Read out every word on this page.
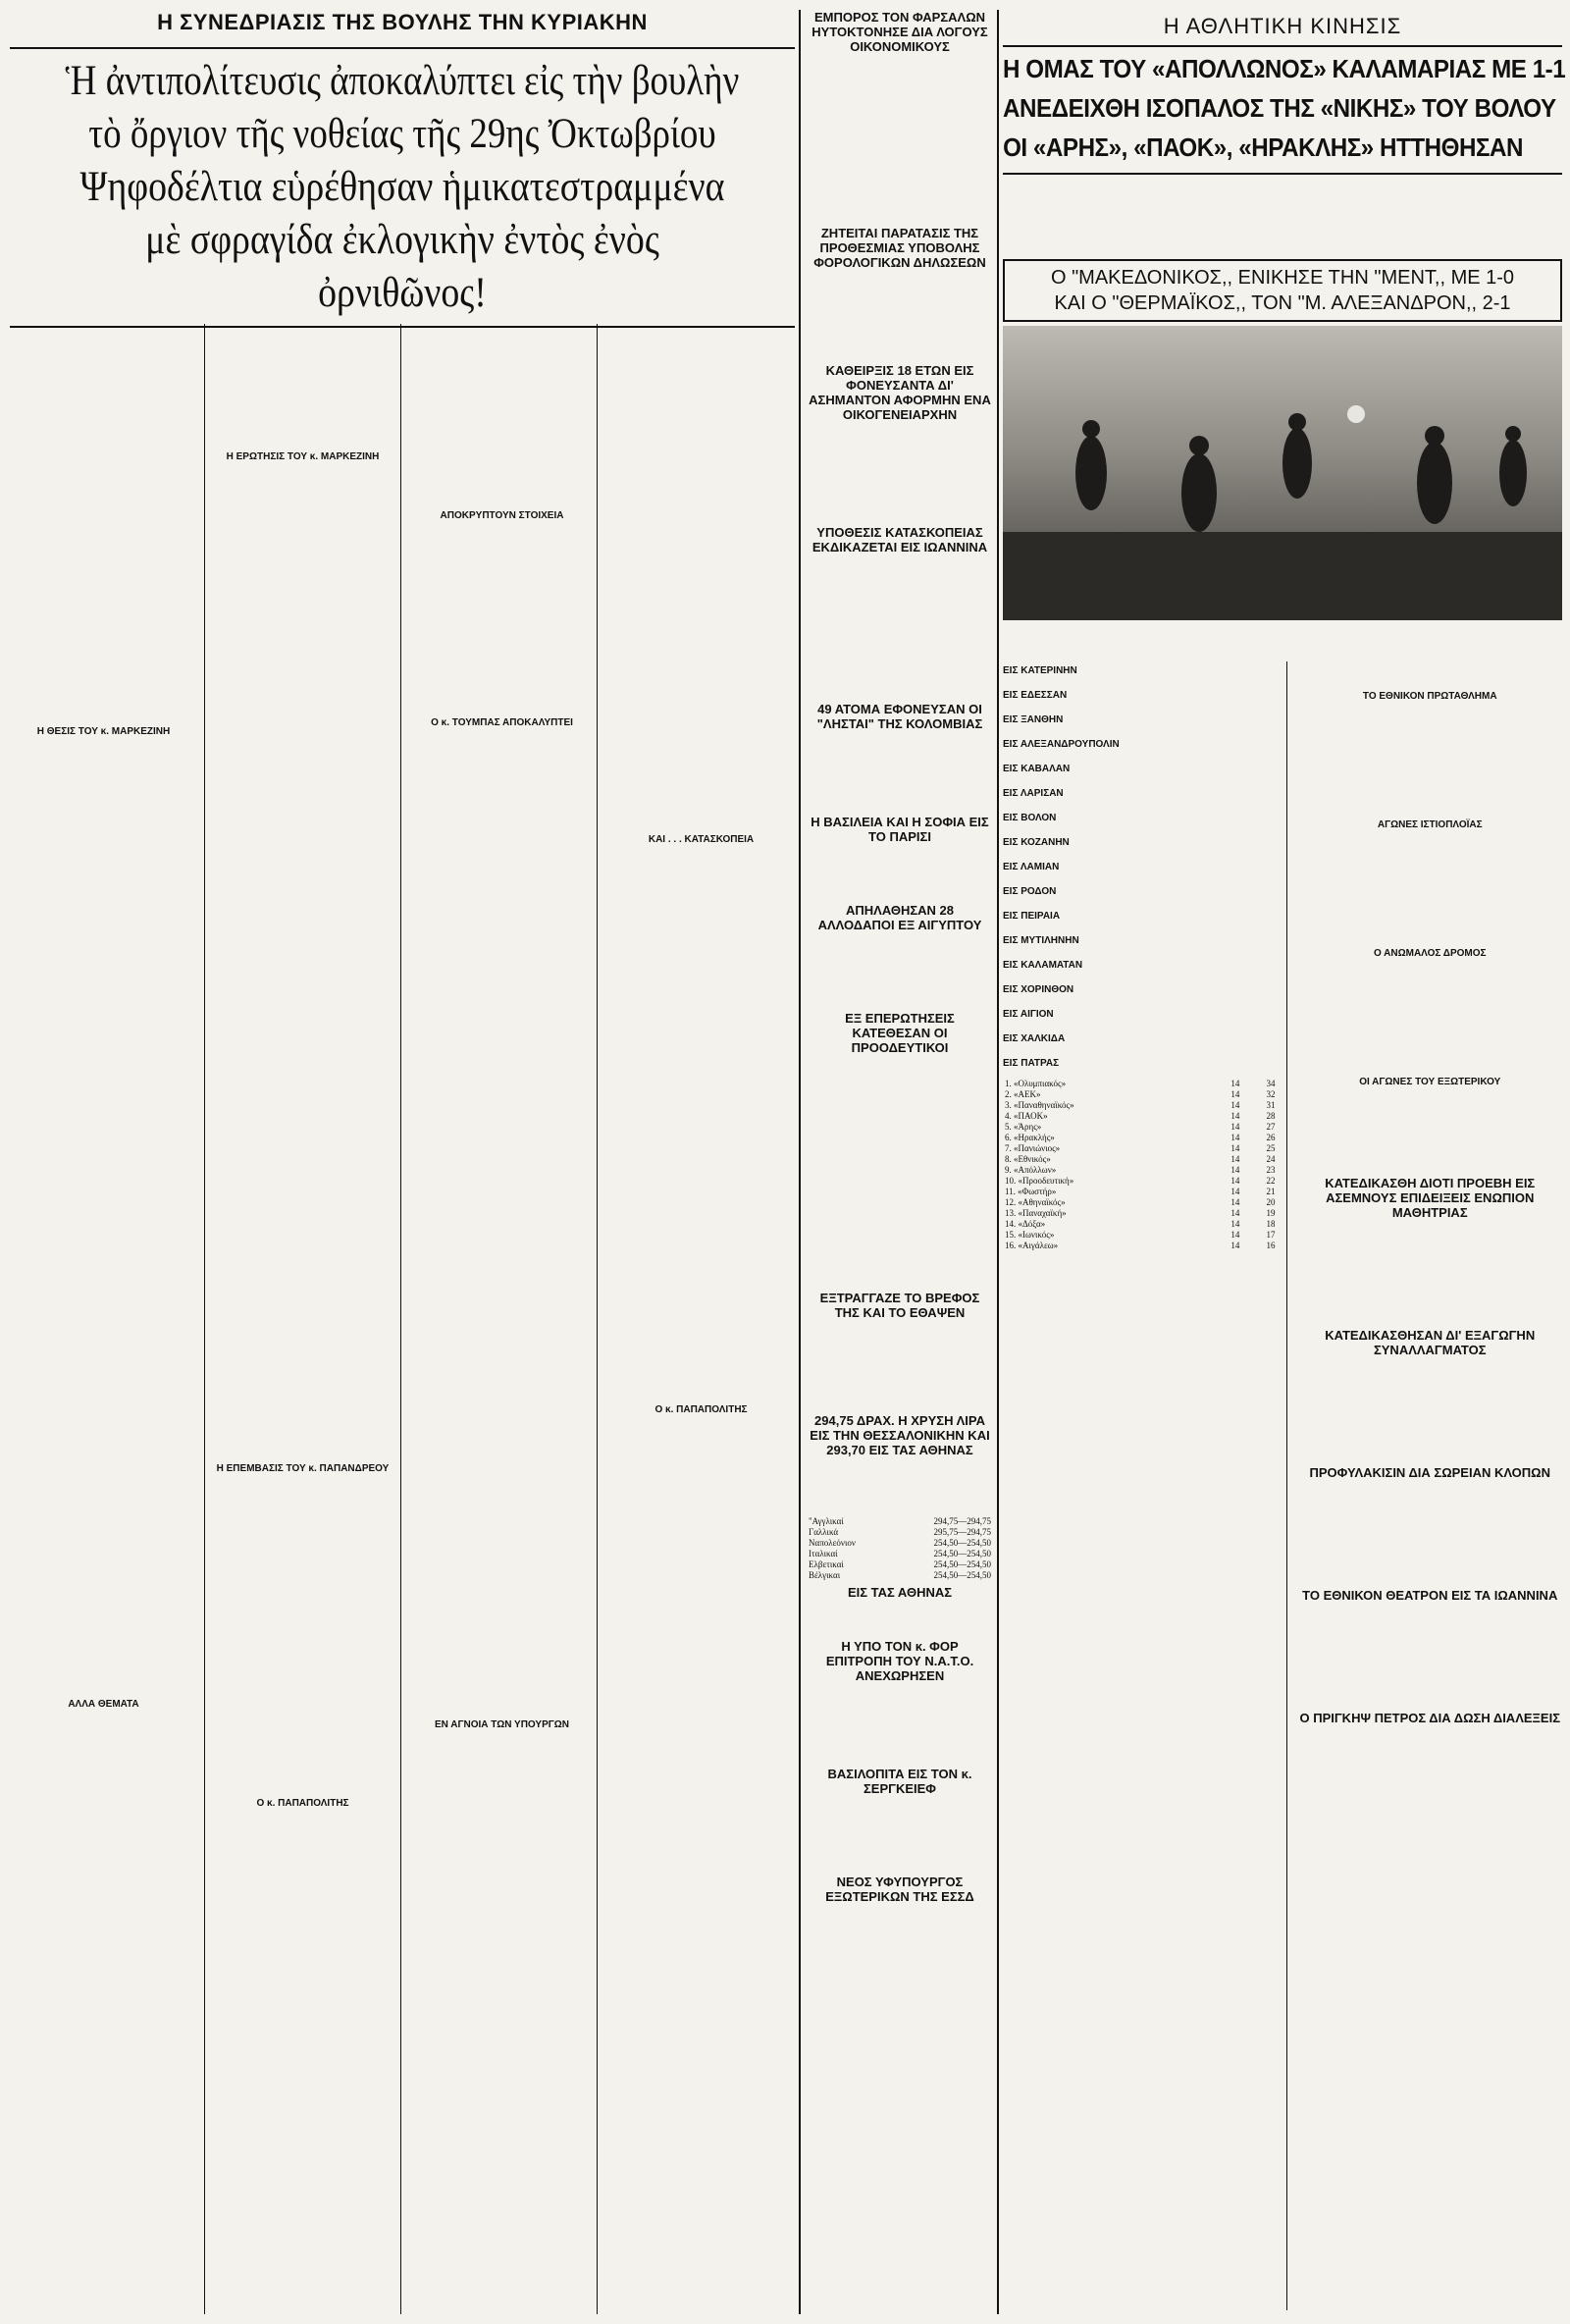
Η ΣΥΝΕΔΡΙΑΣΙΣ ΤΗΣ ΒΟΥΛΗΣ ΤΗΝ ΚΥΡΙΑΚΗΝ
Ἡ ἀντιπολίτευσις ἀποκαλύπτει εἰς τὴν βουλὴν
τὸ ὄργιον τῆς νοθείας τῆς 29ης Ὀκτωβρίου
Ψηφοδέλτια εὑρέθησαν ἡμικατεστραμμένα
μὲ σφραγίδα ἐκλογικὴν ἐντὸς ἐνὸς ὀρνιθῶνος!
Η ΘΕΣΙΣ ΤΟΥ κ. ΜΑΡΚΕΖΙΝΗ
ΑΛΛΑ ΘΕΜΑΤΑ
Η ΕΡΩΤΗΣΙΣ ΤΟΥ κ. ΜΑΡΚΕΖΙΝΗ
Η ΕΠΕΜΒΑΣΙΣ ΤΟΥ κ. ΠΑΠΑΝΔΡΕΟΥ
Ο κ. ΠΑΠΑΠΟΛΙΤΗΣ
ΑΠΟΚΡΥΠΤΟΥΝ ΣΤΟΙΧΕΙΑ
Ο κ. ΤΟΥΜΠΑΣ ΑΠΟΚΑΛΥΠΤΕΙ
ΕΝ ΑΓΝΟΙΑ ΤΩΝ ΥΠΟΥΡΓΩΝ
ΚΑΙ . . . ΚΑΤΑΣΚΟΠΕΙΑ
Ο κ. ΠΑΠΑΠΟΛΙΤΗΣ
ΕΜΠΟΡΟΣ ΤΟΝ ΦΑΡΣΑΛΩΝ ΗΥΤΟΚΤΟΝΗΣΕ ΔΙΑ ΛΟΓΟΥΣ ΟΙΚΟΝΟΜΙΚΟΥΣ
ΖΗΤΕΙΤΑΙ ΠΑΡΑΤΑΣΙΣ ΤΗΣ ΠΡΟΘΕΣΜΙΑΣ ΥΠΟΒΟΛΗΣ ΦΟΡΟΛΟΓΙΚΩΝ ΔΗΛΩΣΕΩΝ
ΚΑΘΕΙΡΞΙΣ 18 ΕΤΩΝ ΕΙΣ ΦΟΝΕΥΣΑΝΤΑ ΔΙ' ΑΣΗΜΑΝΤΟΝ ΑΦΟΡΜΗΝ ΕΝΑ ΟΙΚΟΓΕΝΕΙΑΡΧΗΝ
ΥΠΟΘΕΣΙΣ ΚΑΤΑΣΚΟΠΕΙΑΣ ΕΚΔΙΚΑΖΕΤΑΙ ΕΙΣ ΙΩΑΝΝΙΝΑ
49 ΑΤΟΜΑ ΕΦΟΝΕΥΣΑΝ ΟΙ "ΛΗΣΤΑΙ" ΤΗΣ ΚΟΛΟΜΒΙΑΣ
Η ΒΑΣΙΛΕΙΑ ΚΑΙ Η ΣΟΦΙΑ ΕΙΣ ΤΟ ΠΑΡΙΣΙ
ΑΠΗΛΑΘΗΣΑΝ 28 ΑΛΛΟΔΑΠΟΙ ΕΞ ΑΙΓΥΠΤΟΥ
ΕΞ ΕΠΕΡΩΤΗΣΕΙΣ ΚΑΤΕΘΕΣΑΝ ΟΙ ΠΡΟΟΔΕΥΤΙΚΟΙ
ΕΞΤΡΑΓΓΑΖΕ ΤΟ ΒΡΕΦΟΣ ΤΗΣ ΚΑΙ ΤΟ ΕΘΑΨΕΝ
294,75 ΔΡΑΧ. Η ΧΡΥΣΗ ΛΙΡΑ ΕΙΣ ΤΗΝ ΘΕΣΣΑΛΟΝΙΚΗΝ ΚΑΙ 293,70 ΕΙΣ ΤΑΣ ΑΘΗΝΑΣ
"Αγγλικαί	294,75—294,75
Γαλλικά	295,75—294,75
Ναπολεόνιον	254,50—254,50
Ιταλικαί	254,50—254,50
Ελβετικαί	254,50—254,50
Βέλγικαι	254,50—254,50
ΕΙΣ ΤΑΣ ΑΘΗΝΑΣ
Η ΥΠΟ ΤΟΝ κ. ΦΟΡ ΕΠΙΤΡΟΠΗ ΤΟΥ Ν.Α.Τ.Ο. ΑΝΕΧΩΡΗΣΕΝ
ΒΑΣΙΛΟΠΙΤΑ ΕΙΣ ΤΟΝ κ. ΣΕΡΓΚΕΙΕΦ
ΝΕΟΣ ΥΦΥΠΟΥΡΓΟΣ ΕΞΩΤΕΡΙΚΩΝ ΤΗΣ ΕΣΣΔ
Η ΑΘΛΗΤΙΚΗ ΚΙΝΗΣΙΣ
Η ΟΜΑΣ ΤΟΥ «ΑΠΟΛΛΩΝΟΣ» ΚΑΛΑΜΑΡΙΑΣ ΜΕ 1-1
ΑΝΕΔΕΙΧΘΗ ΙΣΟΠΑΛΟΣ ΤΗΣ «ΝΙΚΗΣ» ΤΟΥ ΒΟΛΟΥ
ΟΙ «ΑΡΗΣ», «ΠΑΟΚ», «ΗΡΑΚΛΗΣ» ΗΤΤΗΘΗΣΑΝ
Ο "ΜΑΚΕΔΟΝΙΚΟΣ,, ΕΝΙΚΗΣΕ ΤΗΝ "ΜΕΝΤ,, ΜΕ 1-0
ΚΑΙ Ο "ΘΕΡΜΑΪΚΟΣ,, ΤΟΝ "Μ. ΑΛΕΞΑΝΔΡΟΝ,, 2-1
ΕΙΣ ΚΑΤΕΡΙΝΗΝ
ΕΙΣ ΕΔΕΣΣΑΝ
ΕΙΣ ΞΑΝΘΗΝ
ΕΙΣ ΑΛΕΞΑΝΔΡΟΥΠΟΛΙΝ
ΕΙΣ ΚΑΒΑΛΑΝ
ΕΙΣ ΛΑΡΙΣΑΝ
ΕΙΣ ΒΟΛΟΝ
ΕΙΣ ΚΟΖΑΝΗΝ
ΕΙΣ ΛΑΜΙΑΝ
ΕΙΣ ΡΟΔΟΝ
ΕΙΣ ΠΕΙΡΑΙΑ
ΕΙΣ ΜΥΤΙΛΗΝΗΝ
ΕΙΣ ΚΑΛΑΜΑΤΑΝ
ΕΙΣ ΧΟΡΙΝΘΟΝ
ΕΙΣ ΑΙΓΙΟΝ
ΕΙΣ ΧΑΛΚΙΔΑ
ΕΙΣ ΠΑΤΡΑΣ
1. «Ολυμπιακός»	14	34
2. «ΑΕΚ»	14	32
3. «Παναθηναϊκός»	14	31
4. «ΠΑΟΚ»	14	28
5. «Άρης»	14	27
6. «Ηρακλής»	14	26
7. «Πανιώνιος»	14	25
8. «Εθνικός»	14	24
9. «Απόλλων»	14	23
10. «Προοδευτική»	14	22
11. «Φωστήρ»	14	21
12. «Αθηναϊκός»	14	20
13. «Παναχαϊκή»	14	19
14. «Δόξα»	14	18
15. «Ιωνικός»	14	17
16. «Αιγάλεω»	14	16
ΤΟ ΕΘΝΙΚΟΝ ΠΡΩΤΑΘΛΗΜΑ
ΑΓΩΝΕΣ ΙΣΤΙΟΠΛΟΪΑΣ
Ο ΑΝΩΜΑΛΟΣ ΔΡΟΜΟΣ
ΟΙ ΑΓΩΝΕΣ ΤΟΥ ΕΞΩΤΕΡΙΚΟΥ
ΚΑΤΕΔΙΚΑΣΘΗ ΔΙΟΤΙ ΠΡΟΕΒΗ ΕΙΣ ΑΣΕΜΝΟΥΣ ΕΠΙΔΕΙΞΕΙΣ ΕΝΩΠΙΟΝ ΜΑΘΗΤΡΙΑΣ
ΚΑΤΕΔΙΚΑΣΘΗΣΑΝ ΔΙ' ΕΞΑΓΩΓΗΝ ΣΥΝΑΛΛΑΓΜΑΤΟΣ
ΠΡΟΦΥΛΑΚΙΣΙΝ ΔΙΑ ΣΩΡΕΙΑΝ ΚΛΟΠΩΝ
ΤΟ ΕΘΝΙΚΟΝ ΘΕΑΤΡΟΝ ΕΙΣ ΤΑ ΙΩΑΝΝΙΝΑ
Ο ΠΡΙΓΚΗΨ ΠΕΤΡΟΣ ΔΙΑ ΔΩΣΗ ΔΙΑΛΕΞΕΙΣ
